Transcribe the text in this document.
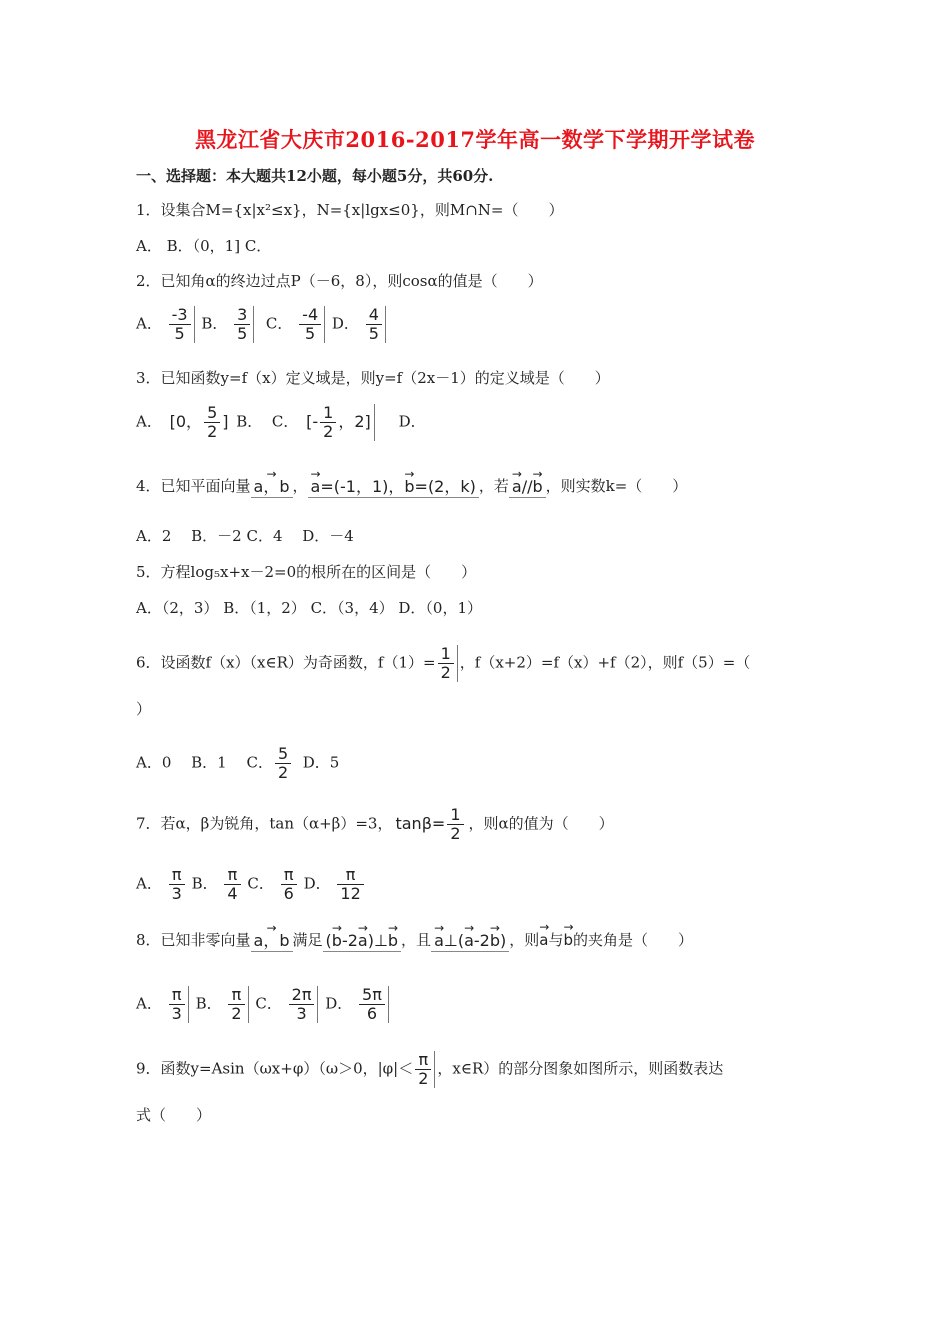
黑龙江省大庆市2016-2017学年高一数学下学期开学试卷
一、选择题：本大题共12小题，每小题5分，共60分.
1．设集合M={x|x²≤x}，N={x|lgx≤0}，则M∩N=（　　）
A． B．（0，1] C．
2．已知角α的终边过点P（－6，8），则cosα的值是（　　）
A． $\frac{-3}{5}$ B． $\frac{3}{5}$ C． $\frac{-4}{5}$ D． $\frac{4}{5}$
3．已知函数y=f（x）定义域是，则y=f（2x－1）的定义域是（　　）
A． [0， $\frac{5}{2}$ ] B． C． [- $\frac{1}{2}$ ，2] D．
4．已知平面向量 → a，b ， → a=(-1，1)，→ b=(2，k) ，若 → a//→ b ，则实数k=（　　）
A．2　 B．－2 C．4　 D．－4
5．方程log₅x+x－2=0的根所在的区间是（　　）
A．（2，3） B．（1，2） C．（3，4） D．（0，1）
6．设函数f（x）（x∈R）为奇函数，$f(1)= \frac{1}{2}$ ，f（x+2）=f（x）+f（2），则f（5）=（
）
A．0　 B．1　 C． $\frac{5}{2}$ D．5
7．若α，β为锐角，tan（α+β）=3， $\tan\beta= \frac{1}{2}$ ，则α的值为（　　）
A． $\frac{\pi}{3}$ B． $\frac{\pi}{4}$ C． $\frac{\pi}{6}$ D． $\frac{\pi}{12}$
8．已知非零向量 → a，b 满足 (→ b-2→ a)⊥→ b ，且 → a⊥(→ a-2→ b) ，则→ a与→ b的夹角是（　　）
A． $\frac{\pi}{3}$ B． $\frac{\pi}{2}$ C． $\frac{2\pi}{3}$ D． $\frac{5\pi}{6}$
9．函数y=Asin（ωx+φ）（ω＞0，$|\varphi|< \frac{\pi}{2}$ ，x∈R）的部分图象如图所示，则函数表达
式（　　）
